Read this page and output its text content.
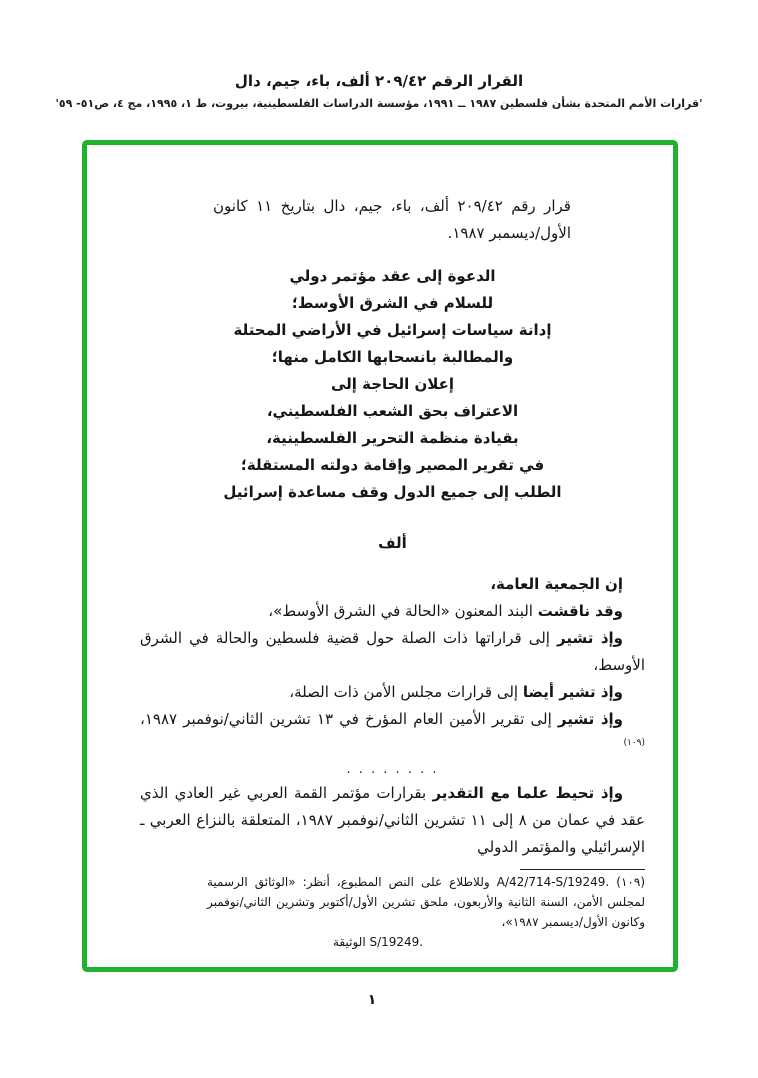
القرار الرقم ٢٠٩/٤٢ ألف، باء، جيم، دال
'قرارات الأمم المتحدة بشأن فلسطين ١٩٨٧ ــ ١٩٩١، مؤسسة الدراسات الفلسطينية، بيروت، ط ١، ١٩٩٥، مج ٤، ص٥١- ٥٩'

قرار رقم ٢٠٩/٤٢ ألف، باء، جيم، دال بتاريخ ١١ كانون الأول/ديسمبر ١٩٨٧.

الدعوة إلى عقد مؤتمر دولي
للسلام في الشرق الأوسط؛
إدانة سياسات إسرائيل في الأراضي المحتلة
والمطالبة بانسحابها الكامل منها؛
إعلان الحاجة إلى
الاعتراف بحق الشعب الفلسطيني،
بقيادة منظمة التحرير الفلسطينية،
في تقرير المصير وإقامة دولته المستقلة؛
الطلب إلى جميع الدول وقف مساعدة إسرائيل
ألف

إن الجمعية العامة،

وقد ناقشت البند المعنون «الحالة في الشرق الأوسط»،

وإذ تشير إلى قراراتها ذات الصلة حول قضية فلسطين والحالة في الشرق الأوسط،

وإذ تشير أيضا إلى قرارات مجلس الأمن ذات الصلة،

وإذ تشير إلى تقرير الأمين العام المؤرخ في ١٣ تشرين الثاني/نوفمبر ١٩٨٧،$^{(١٠٩)}$

. . . . . . . .

وإذ تحيط علما مع التقدير بقرارات مؤتمر القمة العربي غير العادي الذي عقد في عمان من ٨ إلى ١١ تشرين الثاني/نوفمبر ١٩٨٧، المتعلقة بالنزاع العربي ـ الإسرائيلي والمؤتمر الدولي

(١٠٩) A/42/714-S/19249. وللاطلاع على النص المطبوع، أنظر: «الوثائق الرسمية لمجلس الأمن، السنة الثانية والأربعون، ملحق تشرين الأول/أكتوبر وتشرين الثاني/نوفمبر وكانون الأول/ديسمبر ١٩٨٧»،

الوثيقة S/19249.
١
